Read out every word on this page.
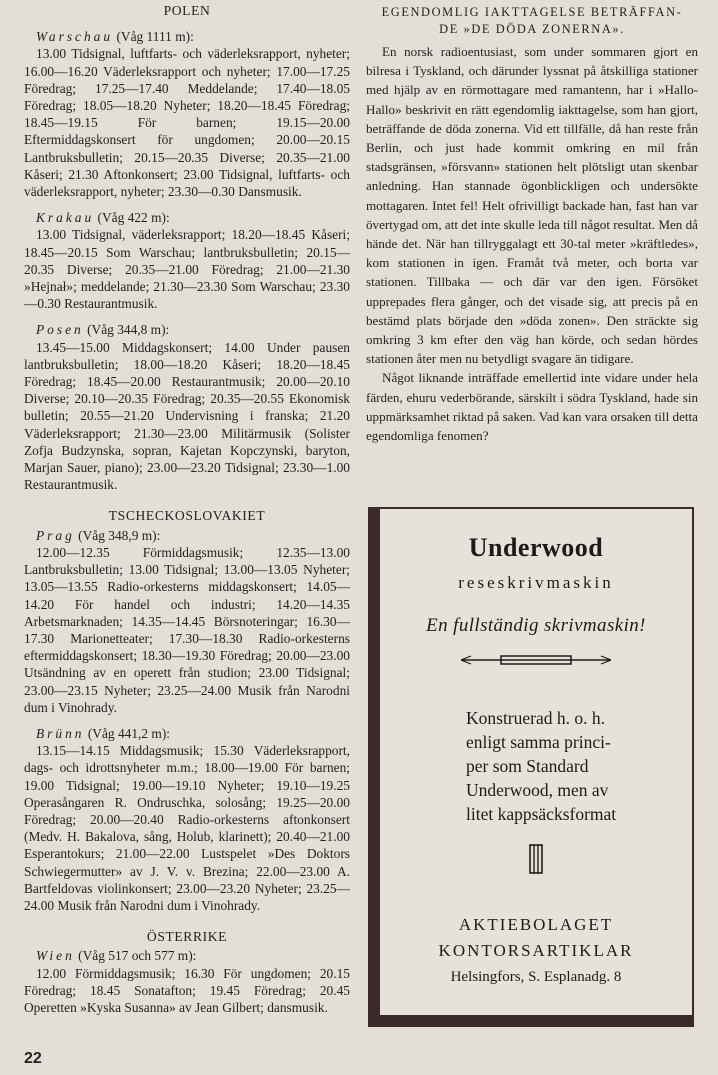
POLEN

Warschau (Våg 1111 m):
13.00 Tidsignal, luftfarts- och väderleksrapport, nyheter; 16.00—16.20 Väderleksrapport och nyheter; 17.00—17.25 Föredrag; 17.25—17.40 Meddelande; 17.40—18.05 Föredrag; 18.05—18.20 Nyheter; 18.20—18.45 Föredrag; 18.45—19.15 För barnen; 19.15—20.00 Eftermiddagskonsert för ungdomen; 20.00—20.15 Lantbruksbulletin; 20.15—20.35 Diverse; 20.35—21.00 Kåseri; 21.30 Aftonkonsert; 23.00 Tidsignal, luftfarts- och väderleksrapport, nyheter; 23.30—0.30 Dansmusik.

Krakau (Våg 422 m):
13.00 Tidsignal, väderleksrapport; 18.20—18.45 Kåseri; 18.45—20.15 Som Warschau; lantbruksbulletin; 20.15—20.35 Diverse; 20.35—21.00 Föredrag; 21.00—21.30 »Hejnał»; meddelande; 21.30—23.30 Som Warschau; 23.30—0.30 Restaurantmusik.

Posen (Våg 344,8 m):
13.45—15.00 Middagskonsert; 14.00 Under pausen lantbruksbulletin; 18.00—18.20 Kåseri; 18.20—18.45 Föredrag; 18.45—20.00 Restaurantmusik; 20.00—20.10 Diverse; 20.10—20.35 Föredrag; 20.35—20.55 Ekonomisk bulletin; 20.55—21.20 Undervisning i franska; 21.20 Väderleksrapport; 21.30—23.00 Militärmusik (Solister Zofja Budzynska, sopran, Kajetan Kopczynski, baryton, Marjan Sauer, piano); 23.00—23.20 Tidsignal; 23.30—1.00 Restaurantmusik.

TSCHECKOSLOVAKIET

Prag (Våg 348,9 m):
12.00—12.35 Förmiddagsmusik; 12.35—13.00 Lantbruksbulletin; 13.00 Tidsignal; 13.00—13.05 Nyheter; 13.05—13.55 Radio-orkesterns middagskonsert; 14.05—14.20 För handel och industri; 14.20—14.35 Arbetsmarknaden; 14.35—14.45 Börsnoteringar; 16.30—17.30 Marionetteater; 17.30—18.30 Radio-orkesterns eftermiddagskonsert; 18.30—19.30 Föredrag; 20.00—23.00 Utsändning av en operett från studion; 23.00 Tidsignal; 23.00—23.15 Nyheter; 23.25—24.00 Musik från Narodni dum i Vinohrady.

Brünn (Våg 441,2 m):
13.15—14.15 Middagsmusik; 15.30 Väderleksrapport, dags- och idrottsnyheter m.m.; 18.00—19.00 För barnen; 19.00 Tidsignal; 19.00—19.10 Nyheter; 19.10—19.25 Operasångaren R. Ondruschka, solosång; 19.25—20.00 Föredrag; 20.00—20.40 Radio-orkesterns aftonkonsert (Medv. H. Bakalova, sång, Holub, klarinett); 20.40—21.00 Esperantokurs; 21.00—22.00 Lustspelet »Des Doktors Schwiegermutter» av J. V. v. Brezina; 22.00—23.00 A. Bartfeldovas violinkonsert; 23.00—23.20 Nyheter; 23.25—24.00 Musik från Narodni dum i Vinohrady.

ÖSTERRIKE

Wien (Våg 517 och 577 m):
12.00 Förmiddagsmusik; 16.30 För ungdomen; 20.15 Föredrag; 18.45 Sonatafton; 19.45 Föredrag; 20.45 Operetten »Kyska Susanna» av Jean Gilbert; dansmusik.

EGENDOMLIG IAKTTAGELSE BETRÄFFAN-
DE »DE DÖDA ZONERNA».

En norsk radioentusiast, som under sommaren gjort en bilresa i Tyskland, och därunder lyssnat på åtskilliga stationer med hjälp av en rörmottagare med ramantenn, har i »Hallo-Hallo» beskrivit en rätt egendomlig iakttagelse, som han gjort, beträffande de döda zonerna. Vid ett tillfälle, då han reste från Berlin, och just hade kommit omkring en mil från stadsgränsen, »försvann» stationen helt plötsligt utan skenbar anledning. Han stannade ögonblickligen och undersökte mottagaren. Intet fel! Helt ofrivilligt backade han, fast han var övertygad om, att det inte skulle leda till något resultat. Men då hände det. När han tillryggalagt ett 30-tal meter »kräftledes», kom stationen in igen. Framåt två meter, och borta var stationen. Tillbaka — och där var den igen. Försöket upprepades flera gånger, och det visade sig, att precis på en bestämd plats började den »döda zonen». Den sträckte sig omkring 3 km efter den väg han körde, och sedan hördes stationen åter men nu betydligt svagare än tidigare.

Något liknande inträffade emellertid inte vidare under hela färden, ehuru vederbörande, särskilt i södra Tyskland, hade sin uppmärksamhet riktad på saken. Vad kan vara orsaken till detta egendomliga fenomen?

Underwood
reseskrivmaskin
En fullständig skrivmaskin!
Konstruerad h. o. h.
enligt samma princi-
per som Standard
Underwood, men av
litet kappsäcksformat
AKTIEBOLAGET
KONTORSARTIKLAR
Helsingfors, S. Esplanadg. 8
22
